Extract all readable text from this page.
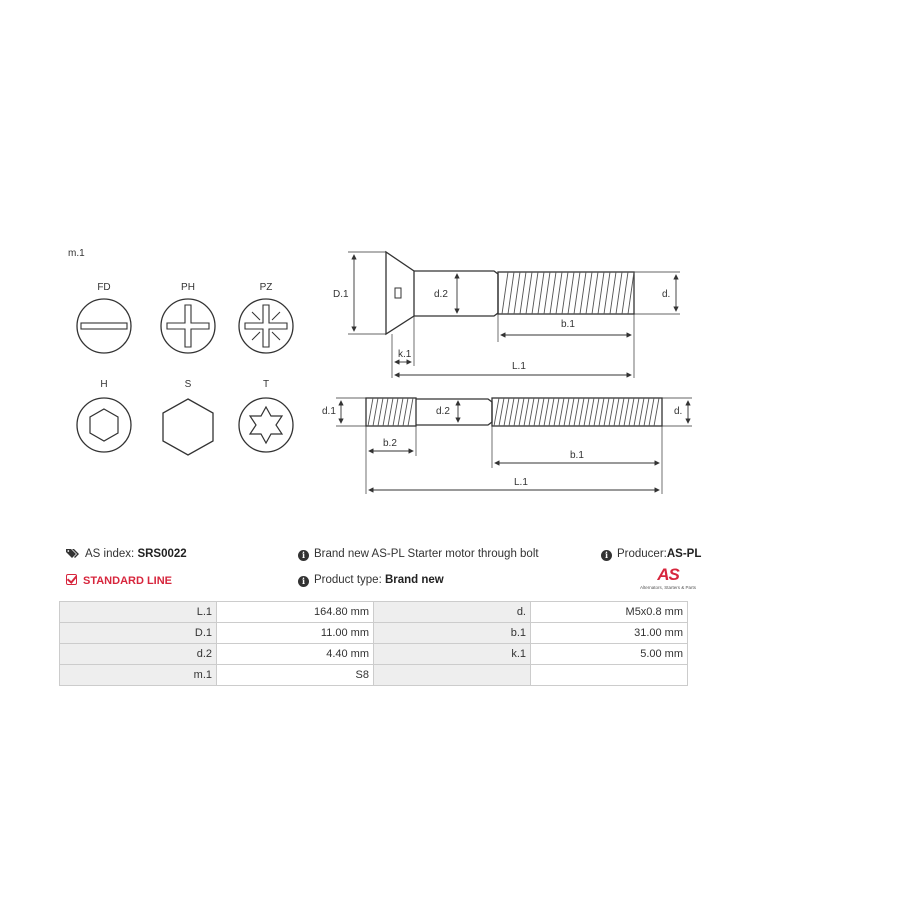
m.1
FD	PH	PZ
H	S	T
D.1	d.2	d.
b.1
k.1
L.1
d.1	d.2	d.
b.2
b.1
L.1
AS index: SRS0022	i Brand new AS-PL Starter motor through bolt	i Producer:AS-PL
STANDARD LINE	i Product type: Brand new	AS
Alternators, Starters & Parts
L.1	164.80 mm	d.	M5x0.8 mm
D.1	11.00 mm	b.1	31.00 mm
d.2	4.40 mm	k.1	5.00 mm
m.1	S8		
